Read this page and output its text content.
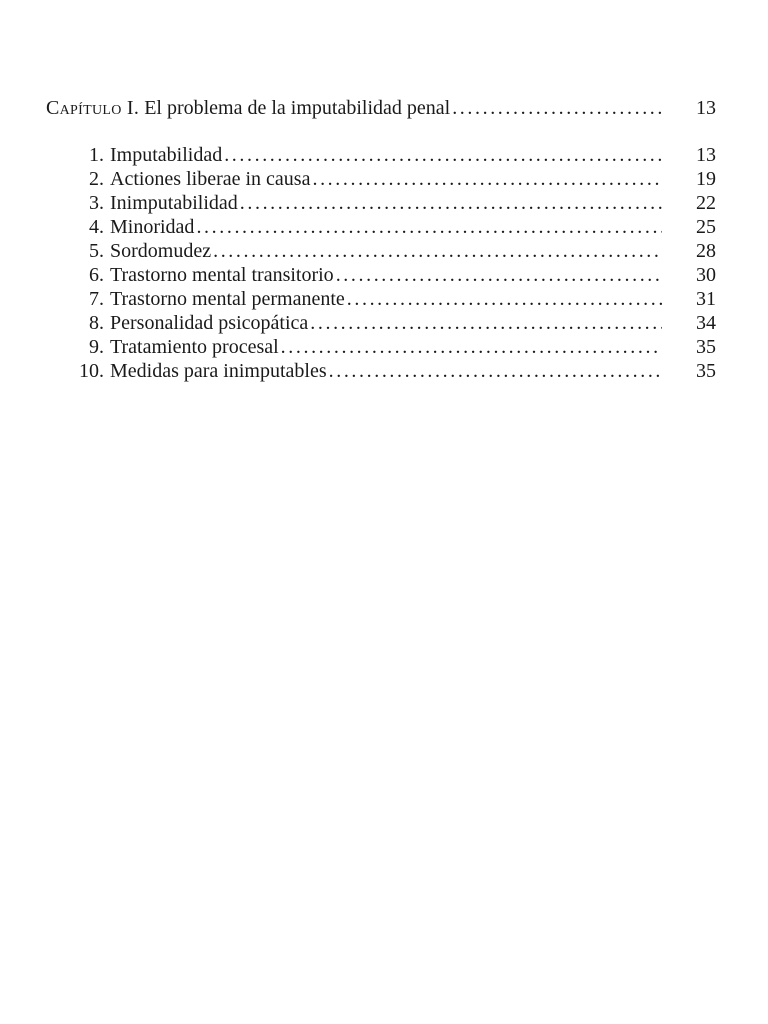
Capítulo I. El problema de la imputabilidad penal . . .	13
1. Imputabilidad . . .	13
2. Actiones liberae in causa . . .	19
3. Inimputabilidad . . .	22
4. Minoridad . . .	25
5. Sordomudez . . .	28
6. Trastorno mental transitorio . . .	30
7. Trastorno mental permanente . . .	31
8. Personalidad psicopática . . .	34
9. Tratamiento procesal . . .	35
10. Medidas para inimputables . . .	35
